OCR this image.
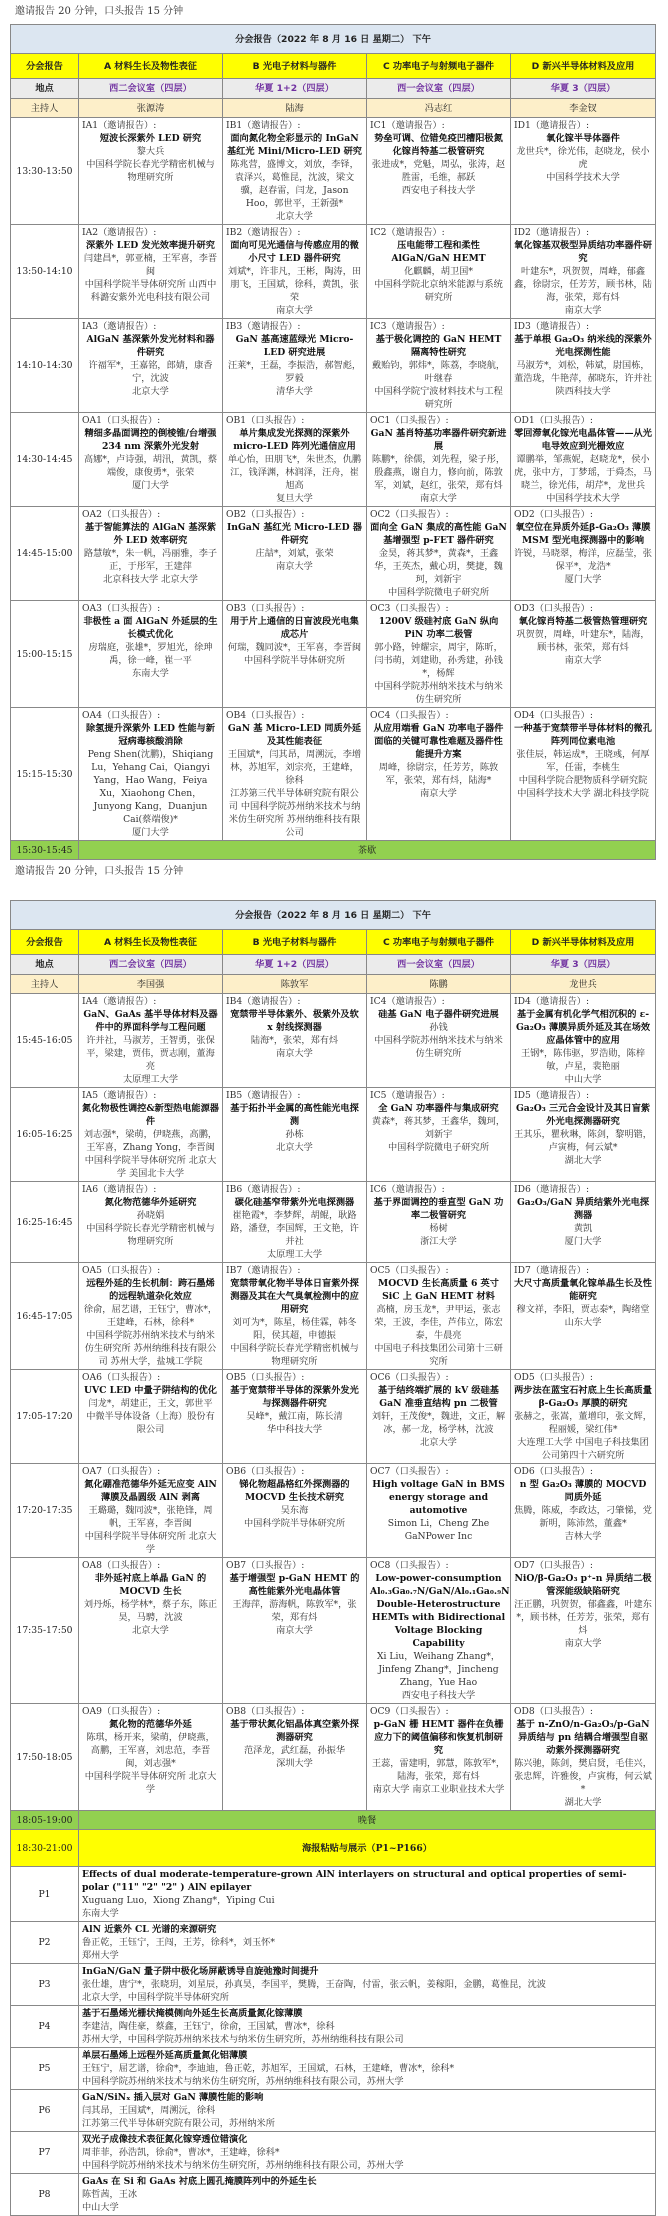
邀请报告 20 分钟，口头报告 15 分钟
分会报告（2022 年 8 月 16 日 星期二） 下午				
分会报告	A 材料生长及物性表征	B 光电子材料与器件	C 功率电子与射频电子器件	D 新兴半导体材料及应用
地点	西二会议室（四层）	华夏 1+2（四层）	西一会议室（四层）	华夏 3（四层）
主持人	张源涛	陆海	冯志红	李金钗
13:30-13:50	IA1（邀请报告）:
短波长深紫外 LED 研究
黎大兵
中国科学院长春光学精密机械与物理研究所	IB1（邀请报告）:
面向氮化物全彩显示的 InGaN 基红光 Mini/Micro-LED 研究
陈兆营，盛博文，刘放，李铎，袁泽兴，葛惟昆，沈波，梁文骥，赵春雷，闫龙，Jason Hoo，郭世平，王新强*
北京大学	IC1（邀请报告）:
势垒可调、位错免疫凹槽阳极氮化镓肖特基二极管研究
张进成*，党魁，周弘，张涛，赵胜雷，毛维，郝跃
西安电子科技大学	ID1（邀请报告）:
氧化镓半导体器件
龙世兵*，徐光伟，赵晓龙，侯小虎
中国科学技术大学

13:50-14:10	IA2（邀请报告）:
深紫外 LED 发光效率提升研究
闫建昌*，郭亚楠，王军喜，李晋闽
中国科学院半导体研究所 山西中科潞安紫外光电科技有限公司	IB2（邀请报告）:
面向可见光通信与传感应用的微小尺寸 LED 器件研究
刘斌*，许非凡，王彬，陶涛，田朋飞，王国斌，徐科，黄凯，张荣
南京大学	IC2（邀请报告）:
压电能带工程和柔性 AlGaN/GaN HEMT
化麒麟，胡卫国*
中国科学院北京纳米能源与系统研究所	ID2（邀请报告）:
氧化镓基双极型异质结功率器件研究
叶建东*，巩贺贺，周峰，郁鑫鑫，徐尉宗，任芳芳，顾书林，陆海，张荣，郑有炓
南京大学

14:10-14:30	IA3（邀请报告）:
AlGaN 基深紫外发光材料和器件研究
许福军*，王嘉铭，郎婧，康香宁，沈波
北京大学	IB3（邀请报告）:
GaN 基高速蓝绿光 Micro-LED 研究进展
汪莱*，王磊，李振浩，郝智彪，罗毅
清华大学	IC3（邀请报告）:
基于极化调控的 GaN HEMT 隔离特性研究
戴贻钧，郭炜*，陈荔，李晓航，叶继春
中国科学院宁波材料技术与工程研究所	ID3（邀请报告）:
基于单根 Ga₂O₃ 纳米线的深紫外光电探测性能
马淑芳*，刘松，韩斌，尉国栋，董浩珑，牛艳萍，郝晓东，许并社
陕西科技大学

14:30-14:45	OA1（口头报告）:
精细多晶面调控的倒棱锥/台增强 234 nm 深紫外光发射
高娜*，卢诗强，胡汛，黄凯，蔡端俊，康俊勇*，张荣
厦门大学	OB1（口头报告）:
单片集成发光探测的深紫外 micro-LED 阵列光通信应用
单心怡，田朋飞*，朱世杰，仇鹏江，钱泽渊，林润泽，汪舟，崔旭高
复旦大学	OC1（口头报告）:
GaN 基肖特基功率器件研究新进展
陈鹏*，徐儒，刘先程，梁子彤，殷鑫燕，谢自力，修向前，陈敦军，刘斌，赵红，张荣，郑有炓
南京大学	OD1（口头报告）:
零回滞氧化镓光电晶体管——从光电导效应到光栅效应
谭鹏举，邹燕妮，赵晓龙*，侯小虎，张中方，丁梦瑶，于舜杰，马晓兰，徐光伟，胡芹*，龙世兵
中国科学技术大学

14:45-15:00	OA2（口头报告）:
基于智能算法的 AlGaN 基深紫外 LED 效率研究
路慧敏*，朱一帆，冯丽雅，李子正，于彤军，王建萍
北京科技大学 北京大学	OB2（口头报告）:
InGaN 基红光 Micro-LED 器件研究
庄喆*，刘斌，张荣
南京大学	OC2（口头报告）:
面向全 GaN 集成的高性能 GaN 基增强型 p-FET 器件研究
金昊，蒋其梦*，黄森*，王鑫华，王英杰，戴心玥，樊捷，魏珂，刘新宇
中国科学院微电子研究所	OD2（口头报告）:
氧空位在异质外延β-Ga₂O₃ 薄膜 MSM 型光电探测器中的影响
许锐，马晓翠，梅洋，应磊莹，张保平*，龙浩*
厦门大学

15:00-15:15	OA3（口头报告）:
非极性 a 面 AlGaN 外延层的生长模式优化
房瑞庭，张雄*，罗旭光，徐珅禹，徐一峰，崔一平
东南大学	OB3（口头报告）:
用于片上通信的日盲波段光电集成芯片
何瑞，魏同波*，王军喜，李晋闽
中国科学院半导体研究所	OC3（口头报告）:
1200V 级硅衬底 GaN 纵向 PiN 功率二极管
郭小路，钟耀宗，周宇，陈昕，闫书萌，刘建勋，孙秀建，孙钱*，杨辉
中国科学院苏州纳米技术与纳米仿生研究所	OD3（口头报告）:
氧化镓肖特基二极管热管理研究
巩贺贺，周峰，叶建东*，陆海，顾书林，张荣，郑有炓
南京大学

15:15-15:30	OA4（口头报告）:
除氢提升深紫外 LED 性能与新冠病毒核酸消除
Peng Shen(沈鹏)，Shiqiang Lu，Yehang Cai，Qiangyi Yang，Hao Wang，Feiya Xu，Xiaohong Chen，Junyong Kang，Duanjun Cai(蔡端俊)*
厦门大学	OB4（口头报告）:
GaN 基 Micro-LED 同质外延及其性能表征
王国斌*，闫其昂，周溯沅，李增林，苏旭军，刘宗亮，王建峰，徐科
江苏第三代半导体研究院有限公司 中国科学院苏州纳米技术与纳米仿生研究所 苏州纳维科技有限公司	OC4（口头报告）:
从应用端看 GaN 功率电子器件面临的关键可靠性难题及器件性能提升方案
周峰，徐尉宗，任芳芳，陈敦军，张荣，郑有炓，陆海*
南京大学	OD4（口头报告）:
一种基于宽禁带半导体材料的微孔阵列同位素电池
张佳辰，韩运成*，王晓彧，何厚军，任雷，李桃生
中国科学院合肥物质科学研究院 中国科学技术大学 湖北科技学院

15:30-15:45	茶歇			
邀请报告 20 分钟，口头报告 15 分钟
分会报告（2022 年 8 月 16 日 星期二） 下午				
分会报告	A 材料生长及物性表征	B 光电子材料与器件	C 功率电子与射频电子器件	D 新兴半导体材料及应用
地点	西二会议室（四层）	华夏 1+2（四层）	西一会议室（四层）	华夏 3（四层）
主持人	李国强	陈敦军	陈鹏	龙世兵
15:45-16:05	IA4（邀请报告）:
GaN、GaAs 基半导体材料及器件中的界面科学与工程问题
许并社，马淑芳，王智勇，张保平，梁建，贾伟，贾志刚，董海亮
太原理工大学	IB4（邀请报告）:
宽禁带半导体紫外、极紫外及软 x 射线探测器
陆海*，张荣，郑有炓
南京大学	IC4（邀请报告）:
硅基 GaN 电子器件研究进展
孙钱
中国科学院苏州纳米技术与纳米仿生研究所	ID4（邀请报告）:
基于金属有机化学气相沉积的 ε-Ga₂O₃ 薄膜异质外延及其在场效应晶体管中的应用
王钢*，陈伟驱，罗浩勋，陈梓敏，卢星，裴艳丽
中山大学

16:05-16:25	IA5（邀请报告）:
氮化物极性调控&新型热电能源器件
刘志强*，梁萌，伊晓燕，高鹏，王军喜，Zhang Yong，李晋闽
中国科学院半导体研究所 北京大学 美国北卡大学	IB5（邀请报告）:
基于拓扑半金属的高性能光电探测
孙栋
北京大学	IC5（邀请报告）:
全 GaN 功率器件与集成研究
黄森*，蒋其梦，王鑫华，魏珂，刘新宇
中国科学院微电子研究所	ID5（邀请报告）:
Ga₂O₃ 三元合金设计及其日盲紫外光电探测器研究
王其乐，瞿秋琳，陈剑，黎明锴，卢寅梅，何云斌*
湖北大学

16:25-16:45	IA6（邀请报告）:
氮化物范德华外延研究
孙晓娟
中国科学院长春光学精密机械与物理研究所	IB6（邀请报告）:
碳化硅基窄带紫外光电探测器
崔艳霞*，李梦辉，胡鲲，耿路路，潘登，李国辉，王文艳，许并社
太原理工大学	IC6（邀请报告）:
基于界面调控的垂直型 GaN 功率二极管研究
杨树
浙江大学	ID6（邀请报告）:
Ga₂O₃/GaN 异质结紫外光电探测器
黄凯
厦门大学

16:45-17:05	OA5（口头报告）:
远程外延的生长机制：跨石墨烯的远程轨道杂化效应
徐俞，屈艺谱，王钰宁，曹冰*，王建峰，石林，徐科*
中国科学院苏州纳米技术与纳米仿生研究所 苏州纳维科技有限公司 苏州大学，盐城工学院	IB7（邀请报告）:
宽禁带氧化物半导体日盲紫外探测器及其在大气臭氧检测中的应用研究
刘可为*，陈星，杨佳霖，韩冬阳，侯其超，申德振
中国科学院长春光学精密机械与物理研究所	OC5（口头报告）:
MOCVD 生长高质量 6 英寸 SiC 上 GaN HEMT 材料
高楠，房玉龙*，尹甲运，张志荣，王波，李佳，芦伟立，陈宏泰，牛晨亮
中国电子科技集团公司第十三研究所	ID7（邀请报告）:
大尺寸高质量氧化镓单晶生长及性能研究
穆文祥，李阳，贾志泰*，陶绪堂
山东大学

17:05-17:20	OA6（口头报告）:
UVC LED 中量子阱结构的优化
闫龙*，胡建正，王文，郭世平
中微半导体设备（上海）股份有限公司	OB5（口头报告）:
基于宽禁带半导体的深紫外发光与探测器件研究
吴峰*，戴江南，陈长清
华中科技大学	OC6（口头报告）:
基于结终端扩展的 kV 级硅基 GaN 准垂直结构 pn 二极管
刘轩，王茂俊*，魏进，文正，解冰，郝一龙，杨学林，沈波
北京大学	OD5（口头报告）:
两步法在蓝宝石衬底上生长高质量β-Ga₂O₃ 厚膜的研究
张赫之，张嵩，董增印，张文辉，程丽媛，梁红伟*
大连理工大学 中国电子科技集团公司第四十六研究所

17:20-17:35	OA7（口头报告）:
氮化硼准范德华外延无应变 AlN 薄膜及晶圆级 AlN 剥离
王璐璐，魏同波*，张艳锋，周帆，王军喜，李晋闽
中国科学院半导体研究所 北京大学	OB6（口头报告）:
锑化物超晶格红外探测器的 MOCVD 生长技术研究
吴东海
中国科学院半导体研究所	OC7（口头报告）:
High voltage GaN in BMS energy storage and automotive
Simon Li，Cheng Zhe
GaNPower Inc	OD6（口头报告）:
n 型 Ga₂O₃ 薄膜的 MOCVD 同质外延
焦腾，陈威，李政达，刁肇悌，党新明，陈沛然，董鑫*
吉林大学

17:35-17:50	
OA8（口头报告）:
非外延衬底上单晶 GaN 的 MOCVD 生长
刘丹烁，杨学林*，蔡子东，陈正昊，马騁，沈波
北京大学

OB7（口头报告）:
基于增强型 p-GaN HEMT 的高性能紫外光电晶体管
王海萍，游海帆，陈敦军*，张荣，郑有炓
南京大学

OC8（口头报告）:
Low-power-consumption Al₀.₃Ga₀.₇N/GaN/Al₀.₁Ga₀.₉N Double-Heterostructure HEMTs with Bidirectional Voltage Blocking Capability
Xi Liu，Weihang Zhang*，Jinfeng Zhang*，Jincheng Zhang，Yue Hao
西安电子科技大学

OD7（口头报告）:
NiO/β-Ga₂O₃ p⁺-n 异质结二极管深能级缺陷研究
汪正鹏，巩贺贺，郁鑫鑫，叶建东*，顾书林，任芳芳，张荣，郑有炓
南京大学

17:50-18:05	OA9（口头报告）:
氮化物的范德华外延
陈琪，杨开来，梁萌，伊晓燕，高鹏，王军喜，刘忠范，李晋闽，刘志强*
中国科学院半导体研究所 北京大学	OB8（口头报告）:
基于带状氮化铝晶体真空紫外探测器研究
范泽龙，武红磊，孙振华
深圳大学	OC9（口头报告）:
p-GaN 栅 HEMT 器件在负栅应力下的阈值偏移和恢复机制研究
王蕊，雷建明，郭慧，陈敦军*，陆海，张荣，郑有炓
南京大学 南京工业职业技术大学	OD8（口头报告）:
基于 n-ZnO/n-Ga₂O₃/p-GaN 异质结与 pn 结耦合增强型自驱动紫外探测器研究
陈兴驰，陈剑，樊启贤，毛佳兴，张忠辉，许雅俊，卢寅梅，何云斌*
湖北大学

18:05-19:00	晚餐			
18:30-21:00	海报粘贴与展示（P1~P166）			
P1	Effects of dual moderate-temperature-grown AlN interlayers on structural and optical properties of semi-polar ("11" "2" "2" ) AlN epilayer
Xuguang Luo，Xiong Zhang*，Yiping Cui
东南大学			

P2	AlN 近紫外 CL 光谱的来源研究
鲁正乾，王钰宁，王闯，王芳，徐科*，刘玉怀*
郑州大学			

P3	InGaN/GaN 量子阱中极化场屏蔽诱导自旋弛豫时间提升
张仕雄，唐宁*，张晓玥，刘星辰，孙真昊，李国平，樊腾，王奋陶，付雷，张云帆，姜稼阳，金鹏，葛惟昆，沈波
北京大学，中国科学院半导体研究所			

P4	基于石墨烯光栅状掩模侧向外延生长高质量氮化镓薄膜
李建洁，陶佳豪，蔡鑫，王钰宁，徐俞，王国斌，曹冰*，徐科
苏州大学，中国科学院苏州纳米技术与纳米仿生研究所，苏州纳维科技有限公司			

P5	单层石墨烯上远程外延高质量氮化铝薄膜
王钰宁，屈艺谱，徐俞*，李迪迪，鲁正乾，苏旭军，王国斌，石林，王建峰，曹冰*，徐科*
中国科学院苏州纳米技术与纳米仿生研究所，苏州纳维科技有限公司，苏州大学			

P6	GaN/SiNₓ 插入层对 GaN 薄膜性能的影响
闫其昂，王国斌*，周溯沅，徐科
江苏第三代半导体研究院有限公司，苏州纳米所			

P7	双光子成像技术表征氮化镓穿透位错演化
周菲菲，孙浩凯，徐俞*，曹冰*，王建峰，徐科*
中国科学院苏州纳米技术与纳米仿生研究所，苏州纳维科技有限公司，苏州大学			

P8	GaAs 在 Si 和 GaAs 衬底上圆孔掩膜阵列中的外延生长
陈哲茜，王冰
中山大学			
